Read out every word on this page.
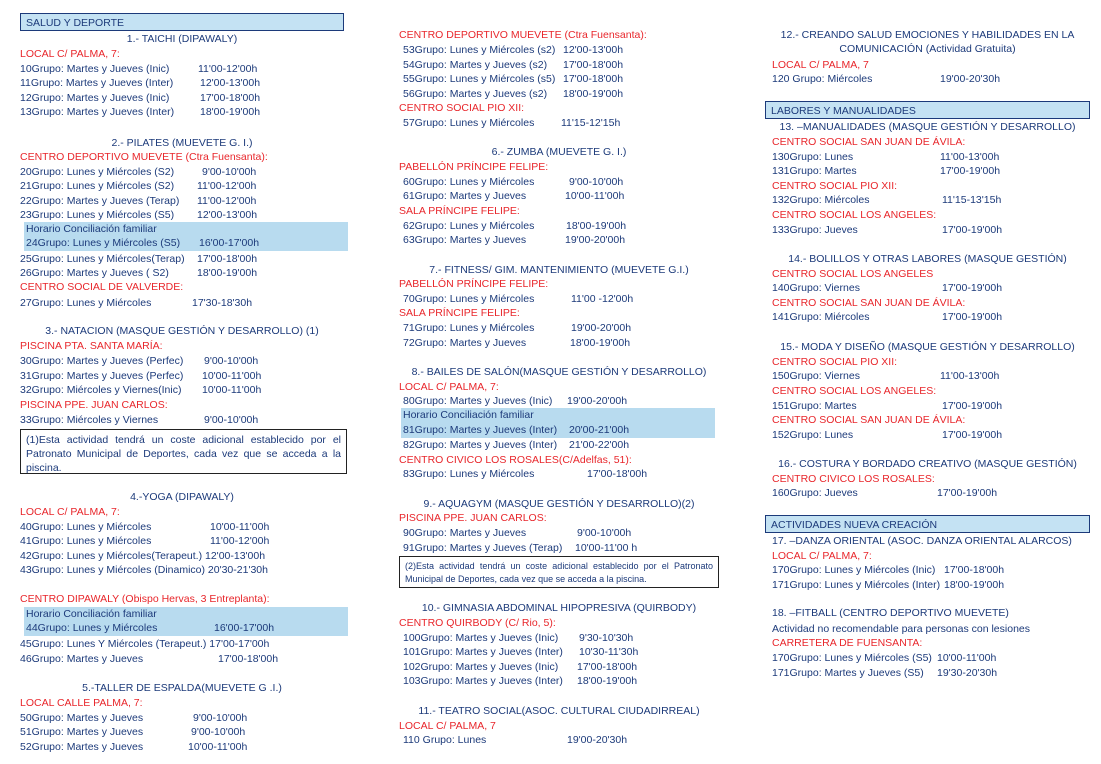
SALUD Y DEPORTE
1.- TAICHI (DIPAWALY)
LOCAL C/ PALMA, 7:
10Grupo: Martes y Jueves (Inic)	11'00-12'00h
11Grupo: Martes y Jueves (Inter)	12'00-13'00h
12Grupo: Martes y Jueves (Inic)	17'00-18'00h
13Grupo: Martes y Jueves (Inter) 18'00-19'00h
2.- PILATES (MUEVETE G. I.)
CENTRO DEPORTIVO MUEVETE (Ctra Fuensanta):
20Grupo: Lunes y Miércoles (S2)	9'00-10'00h
21Grupo: Lunes y Miércoles (S2) 11'00-12'00h
22Grupo: Martes y Jueves (Terap) 11'00-12'00h
23Grupo: Lunes y Miércoles (S5) 12'00-13'00h
Horario Conciliación familiar
24Grupo: Lunes y Miércoles (S5) 16'00-17'00h
25Grupo: Lunes y Miércoles(Terap) 17'00-18'00h
26Grupo: Martes y Jueves ( S2)	18'00-19'00h
CENTRO SOCIAL DE VALVERDE:
27Grupo: Lunes y Miércoles	17'30-18'30h
3.- NATACION (MASQUE GESTIÓN Y DESARROLLO) (1)
PISCINA PTA. SANTA MARÍA:
30Grupo: Martes y Jueves (Perfec) 9'00-10'00h
31Grupo: Martes y Jueves (Perfec) 10'00-11'00h
32Grupo: Miércoles y Viernes(Inic) 10'00-11'00h
PISCINA PPE. JUAN CARLOS:
33Grupo: Miércoles y Viernes	9'00-10'00h
(1)Esta actividad tendrá un coste adicional establecido por el Patronato Municipal de Deportes, cada vez que se acceda a la piscina.
4.-YOGA (DIPAWALY)
LOCAL C/ PALMA, 7:
40Grupo: Lunes y Miércoles	10'00-11'00h
41Grupo: Lunes y Miércoles	11'00-12'00h
42Grupo: Lunes y Miércoles(Terapeut.) 12'00-13'00h
43Grupo: Lunes y Miércoles (Dinamico) 20'30-21'30h
CENTRO DIPAWALY (Obispo Hervas, 3 Entreplanta):
Horario Conciliación familiar
44Grupo: Lunes y Miércoles	16'00-17'00h
45Grupo: Lunes Y Miércoles (Terapeut.) 17'00-17'00h
46Grupo: Martes y Jueves	17'00-18'00h
5.-TALLER DE ESPALDA(MUEVETE G .I.)
LOCAL CALLE PALMA, 7:
50Grupo: Martes y Jueves	9'00-10'00h
51Grupo: Martes y Jueves	9'00-10'00h
52Grupo: Martes y Jueves	10'00-11'00h
CENTRO DEPORTIVO MUEVETE (Ctra Fuensanta):
53Grupo: Lunes y Miércoles (s2) 12'00-13'00h
54Grupo: Martes y Jueves (s2) 17'00-18'00h
55Grupo: Lunes y Miércoles (s5) 17'00-18'00h
56Grupo: Martes y Jueves (s2) 18'00-19'00h
CENTRO SOCIAL PIO XII:
57Grupo: Lunes y Miércoles	11'15-12'15h
6.- ZUMBA (MUEVETE G. I.)
PABELLÓN PRÍNCIPE FELIPE:
60Grupo: Lunes y Miércoles	9'00-10'00h
61Grupo: Martes y Jueves	10'00-11'00h
SALA PRÍNCIPE FELIPE:
62Grupo: Lunes y Miércoles	18'00-19'00h
63Grupo: Martes y Jueves	19'00-20'00h
7.- FITNESS/ GIM. MANTENIMIENTO (MUEVETE G.I.)
PABELLÓN PRÍNCIPE FELIPE:
70Grupo: Lunes y Miércoles	11'00 -12'00h
SALA PRÍNCIPE FELIPE:
71Grupo: Lunes y Miércoles	19'00-20'00h
72Grupo: Martes y Jueves	18'00-19'00h
8.- BAILES DE SALÓN(MASQUE GESTIÓN Y DESARROLLO)
LOCAL C/ PALMA, 7:
80Grupo: Martes y Jueves (Inic) 19'00-20'00h
Horario Conciliación familiar
81Grupo: Martes y Jueves (Inter) 20'00-21'00h
82Grupo: Martes y Jueves (Inter) 21'00-22'00h
CENTRO CIVICO LOS ROSALES(C/Adelfas, 51):
83Grupo: Lunes y Miércoles	17'00-18'00h
9.- AQUAGYM (MASQUE GESTIÓN Y DESARROLLO)(2)
PISCINA PPE. JUAN CARLOS:
90Grupo: Martes y Jueves	9'00-10'00h
91Grupo: Martes y Jueves (Terap) 10'00-11'00 h
(2)Esta actividad tendrá un coste adicional establecido por el Patronato Municipal de Deportes, cada vez que se acceda a la piscina.
10.- GIMNASIA ABDOMINAL HIPOPRESIVA (QUIRBODY)
CENTRO QUIRBODY (C/ Rio, 5):
100Grupo: Martes y Jueves (Inic) 9'30-10'30h
101Grupo: Martes y Jueves (Inter) 10'30-11'30h
102Grupo: Martes y Jueves (Inic) 17'00-18'00h
103Grupo: Martes y Jueves (Inter) 18'00-19'00h
11.- TEATRO SOCIAL(ASOC. CULTURAL CIUDADIRREAL)
LOCAL C/ PALMA, 7
110 Grupo: Lunes	19'00-20'30h
12.- CREANDO SALUD EMOCIONES Y HABILIDADES EN LA
COMUNICACIÓN (Actividad Gratuita)
LOCAL C/ PALMA, 7
120 Grupo: Miércoles	19'00-20'30h
LABORES Y MANUALIDADES
13. –MANUALIDADES (MASQUE GESTIÓN Y DESARROLLO)
CENTRO SOCIAL SAN JUAN DE ÁVILA:
130Grupo: Lunes	11'00-13'00h
131Grupo: Martes	17'00-19'00h
CENTRO SOCIAL PIO XII:
132Grupo: Miércoles	11'15-13'15h
CENTRO SOCIAL LOS ANGELES:
133Grupo: Jueves	17'00-19'00h
14.- BOLILLOS Y OTRAS LABORES (MASQUE GESTIÓN)
CENTRO SOCIAL LOS ANGELES
140Grupo: Viernes	17'00-19'00h
CENTRO SOCIAL SAN JUAN DE ÁVILA:
141Grupo: Miércoles	17'00-19'00h
15.- MODA Y DISEÑO (MASQUE GESTIÓN Y DESARROLLO)
CENTRO SOCIAL PIO XII:
150Grupo: Viernes	11'00-13'00h
CENTRO SOCIAL LOS ANGELES:
151Grupo: Martes	17'00-19'00h
CENTRO SOCIAL SAN JUAN DE ÁVILA:
152Grupo: Lunes	17'00-19'00h
16.- COSTURA Y BORDADO CREATIVO (MASQUE GESTIÓN)
CENTRO CIVICO LOS ROSALES:
160Grupo: Jueves	17'00-19'00h
ACTIVIDADES NUEVA CREACIÓN
17. –DANZA ORIENTAL (ASOC. DANZA ORIENTAL ALARCOS)
LOCAL C/ PALMA, 7:
170Grupo: Lunes y Miércoles (Inic) 17'00-18'00h
171Grupo: Lunes y Miércoles (Inter) 18'00-19'00h
18. –FITBALL (CENTRO DEPORTIVO MUEVETE)
Actividad no recomendable para personas con lesiones
CARRETERA DE FUENSANTA:
170Grupo: Lunes y Miércoles (S5) 10'00-11'00h
171Grupo: Martes y Jueves (S5) 19'30-20'30h
